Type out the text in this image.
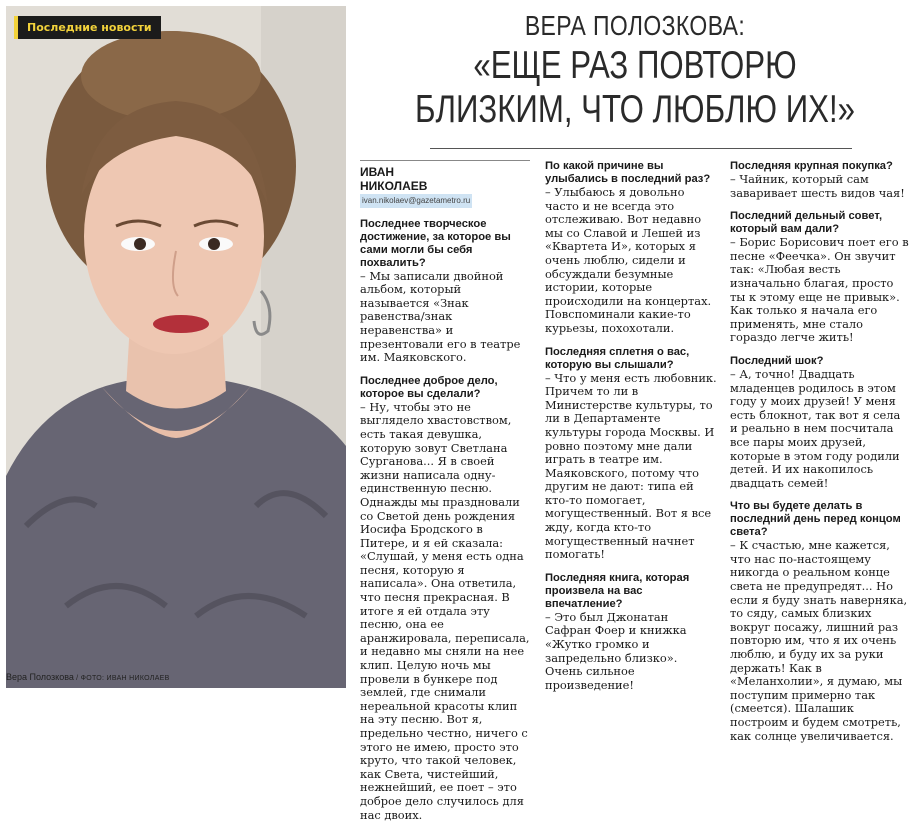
Последние новости
Вера Полозкова / ФОТО: ИВАН НИКОЛАЕВ
ВЕРА ПОЛОЗКОВА:
«ЕЩЕ РАЗ ПОВТОРЮ
БЛИЗКИМ, ЧТО ЛЮБЛЮ ИХ!»
ИВАН
НИКОЛАЕВ
ivan.nikolaev@gazetametro.ru
Последнее творческое достижение, за которое вы сами могли бы себя похвалить?

– Мы записали двойной альбом, который называется «Знак равенства/знак неравенства» и презентовали его в театре им. Маяковского.

Последнее доброе дело, которое вы сделали?

– Ну, чтобы это не выглядело хвастовством, есть такая девушка, которую зовут Светлана Сурганова... Я в своей жизни написала одну-единственную песню. Однажды мы праздновали со Светой день рождения Иосифа Бродского в Питере, и я ей сказала: «Слушай, у меня есть одна песня, которую я написала». Она ответила, что песня прекрасная. В итоге я ей отдала эту песню, она ее аранжировала, переписала, и недавно мы сняли на нее клип. Целую ночь мы провели в бункере под землей, где снимали нереальной красоты клип на эту песню. Вот я, предельно честно, ничего с этого не имею, просто это круто, что такой человек, как Света, чистейший, нежнейший, ее поет – это доброе дело случилось для нас двоих.

По какой причине вы улыбались в последний раз?

– Улыбаюсь я довольно часто и не всегда это отслеживаю. Вот недавно мы со Славой и Лешей из «Квартета И», которых я очень люблю, сидели и обсуждали безумные истории, которые происходили на концертах. Повспоминали какие-то курьезы, похохотали.

Последняя сплетня о вас, которую вы слышали?

– Что у меня есть любовник. Причем то ли в Министерстве культуры, то ли в Департаменте культуры города Москвы. И ровно поэтому мне дали играть в театре им. Маяковского, потому что другим не дают: типа ей кто-то помогает, могущественный. Вот я все жду, когда кто-то могущественный начнет помогать!

Последняя книга, которая произвела на вас впечатление?

– Это был Джонатан Сафран Фоер и книжка «Жутко громко и запредельно близко». Очень сильное произведение!

Последняя крупная покупка?

– Чайник, который сам заваривает шесть видов чая!

Последний дельный совет, который вам дали?

– Борис Борисович поет его в песне «Феечка». Он звучит так: «Любая весть изначально благая, просто ты к этому еще не привык». Как только я начала его применять, мне стало гораздо легче жить!

Последний шок?

– А, точно! Двадцать младенцев родилось в этом году у моих друзей! У меня есть блокнот, так вот я села и реально в нем посчитала все пары моих друзей, которые в этом году родили детей. И их накопилось двадцать семей!

Что вы будете делать в последний день перед концом света?

– К счастью, мне кажется, что нас по-настоящему никогда о реальном конце света не предупредят... Но если я буду знать наверняка, то сяду, самых близких вокруг посажу, лишний раз повторю им, что я их очень люблю, и буду их за руки держать! Как в «Меланхолии», я думаю, мы поступим примерно так (смеется). Шалашик построим и будем смотреть, как солнце увеличивается.
